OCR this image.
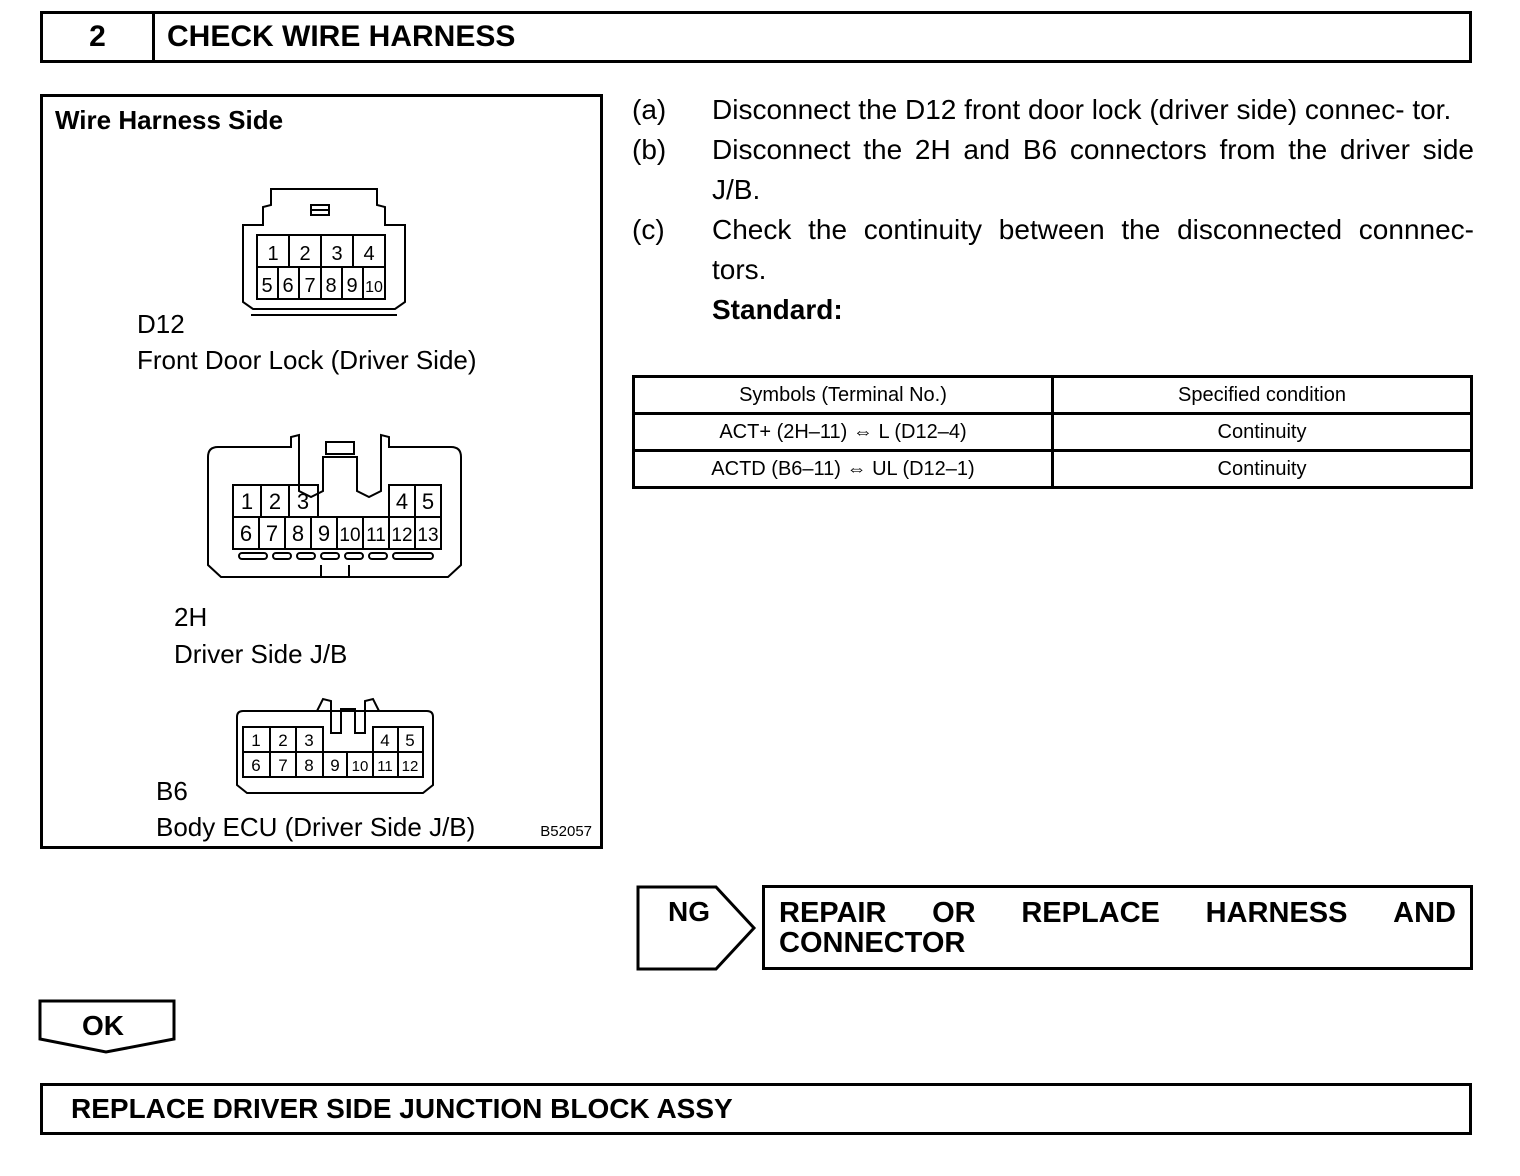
2	CHECK WIRE HARNESS
Wire Harness Side
1 2 3 4
5 6 7 8 9 10
1 2 3	4 5
6 7 8 9 10 11 12 13
1 2 3	4 5
6 7 8 9 10 11 12
D12
Front Door Lock (Driver Side)
2H
Driver Side J/B
B6
Body ECU (Driver Side J/B)	B52057
(a)	Disconnect the D12 front door lock (driver side) connec- tor.
(b)	Disconnect the 2H and B6 connectors from the driver side J/B.
(c)	Check the continuity between the disconnected connnec- tors.
Standard:
Symbols (Terminal No.)	Specified condition
ACT+ (2H–11) ⇔ L (D12–4)	Continuity
ACTD (B6–11) ⇔ UL (D12–1)	Continuity
NG REPAIR OR REPLACE HARNESS AND
CONNECTOR
OK
REPLACE DRIVER SIDE JUNCTION BLOCK ASSY
